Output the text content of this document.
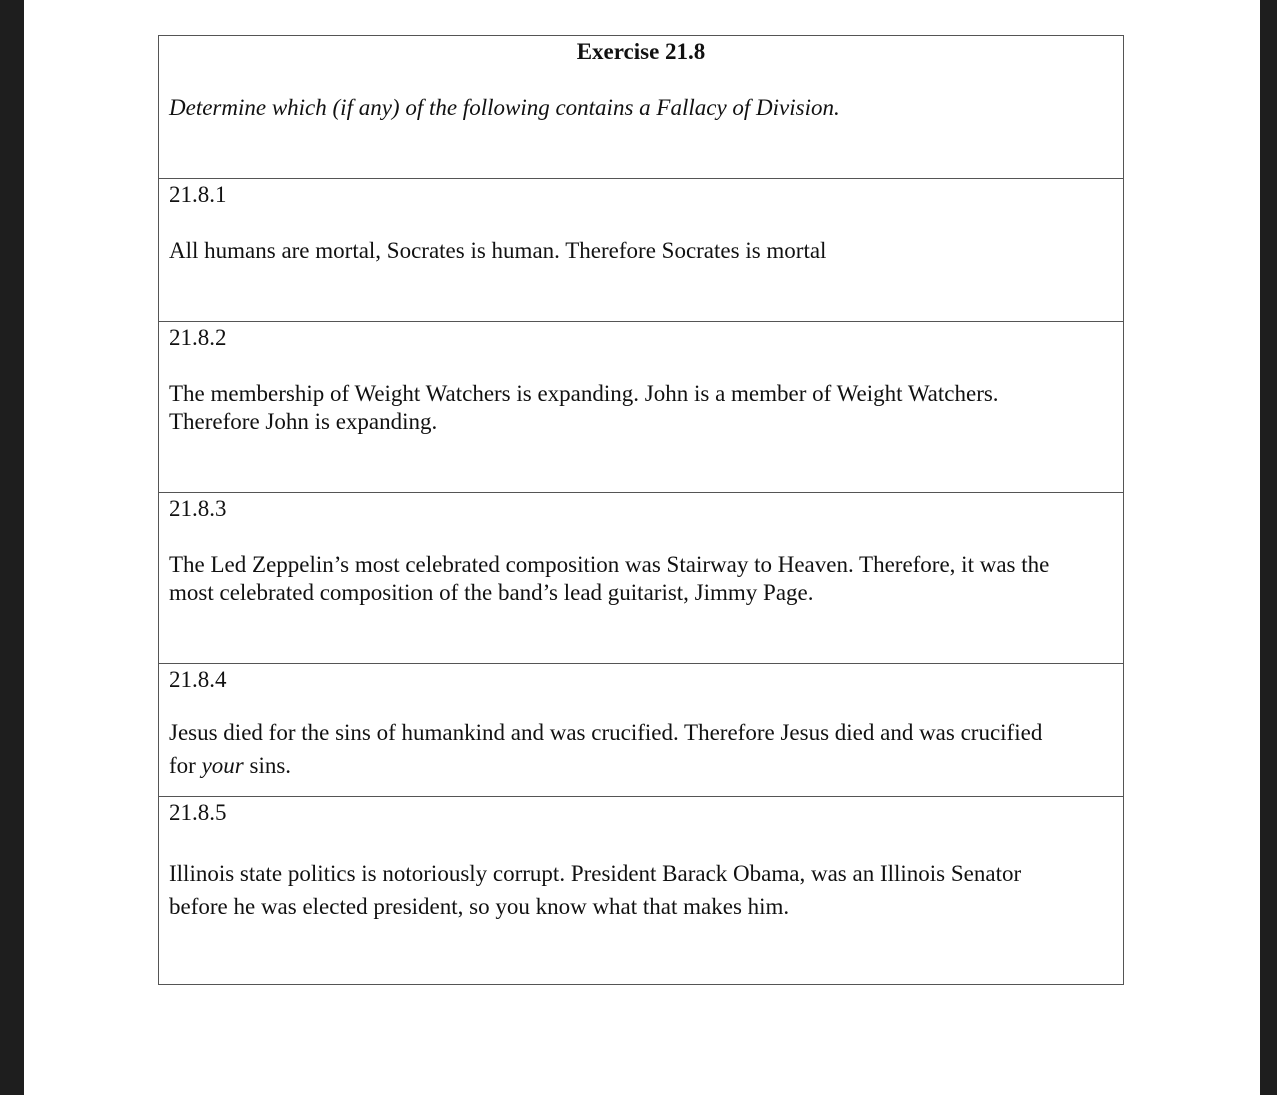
Exercise 21.8
Determine which (if any) of the following contains a Fallacy of Division.
21.8.1
All humans are mortal, Socrates is human. Therefore Socrates is mortal
21.8.2
The membership of Weight Watchers is expanding. John is a member of Weight Watchers.
Therefore John is expanding.
21.8.3
The Led Zeppelin’s most celebrated composition was Stairway to Heaven. Therefore, it was the
most celebrated composition of the band’s lead guitarist, Jimmy Page.
21.8.4
Jesus died for the sins of humankind and was crucified. Therefore Jesus died and was crucified
for your sins.
21.8.5
Illinois state politics is notoriously corrupt. President Barack Obama, was an Illinois Senator
before he was elected president, so you know what that makes him.
